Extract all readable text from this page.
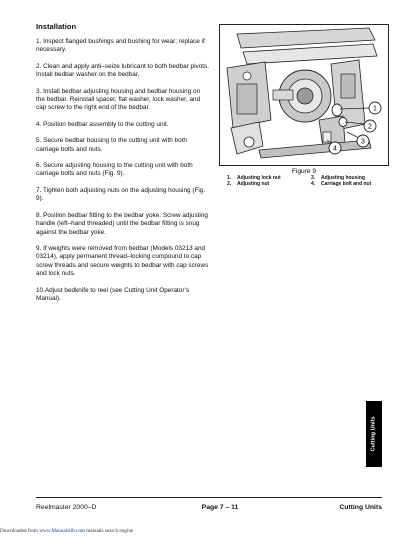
Installation

1. Inspect flanged bushings and bushing for wear; replace if necessary.

2. Clean and apply anti–seize lubricant to both bedbar pivots. Install bedbar washer on the bedbar.

3. Install bedbar adjusting housing and bedbar housing on the bedbar. Reinstall spacer, flat washer, lock washer, and cap screw to the right end of the bedbar.

4. Position bedbar assembly to the cutting unit.

5. Secure bedbar housing to the cutting unit with both carriage bolts and nuts.

6. Secure adjusting housing to the cutting unit with both carriage bolts and nuts (Fig. 9).

7. Tighten both adjusting nuts on the adjusting housing (Fig. 9).

8. Position bedbar fitting to the bedbar yoke. Screw adjusting handle (left–hand threaded) until the bedbar fitting is snug against the bedbar yoke.

9. If weights were removed from bedbar (Models 03213 and 03214), apply permanent thread–locking compound to cap screw threads and secure weights to bedbar with cap screws and lock nuts.

10.Adjust bedknife to reel (see Cutting Unit Operator’s Manual).

1
2
3
4
Figure 9
1. Adjusting lock nut	3. Adjusting housing
2. Adjusting nut	4. Carriage bolt and nut
Cutting Units
Reelmaster 2000–D	Page 7 – 11	Cutting Units
Downloaded from www.Manualslib.com manuals search engine
